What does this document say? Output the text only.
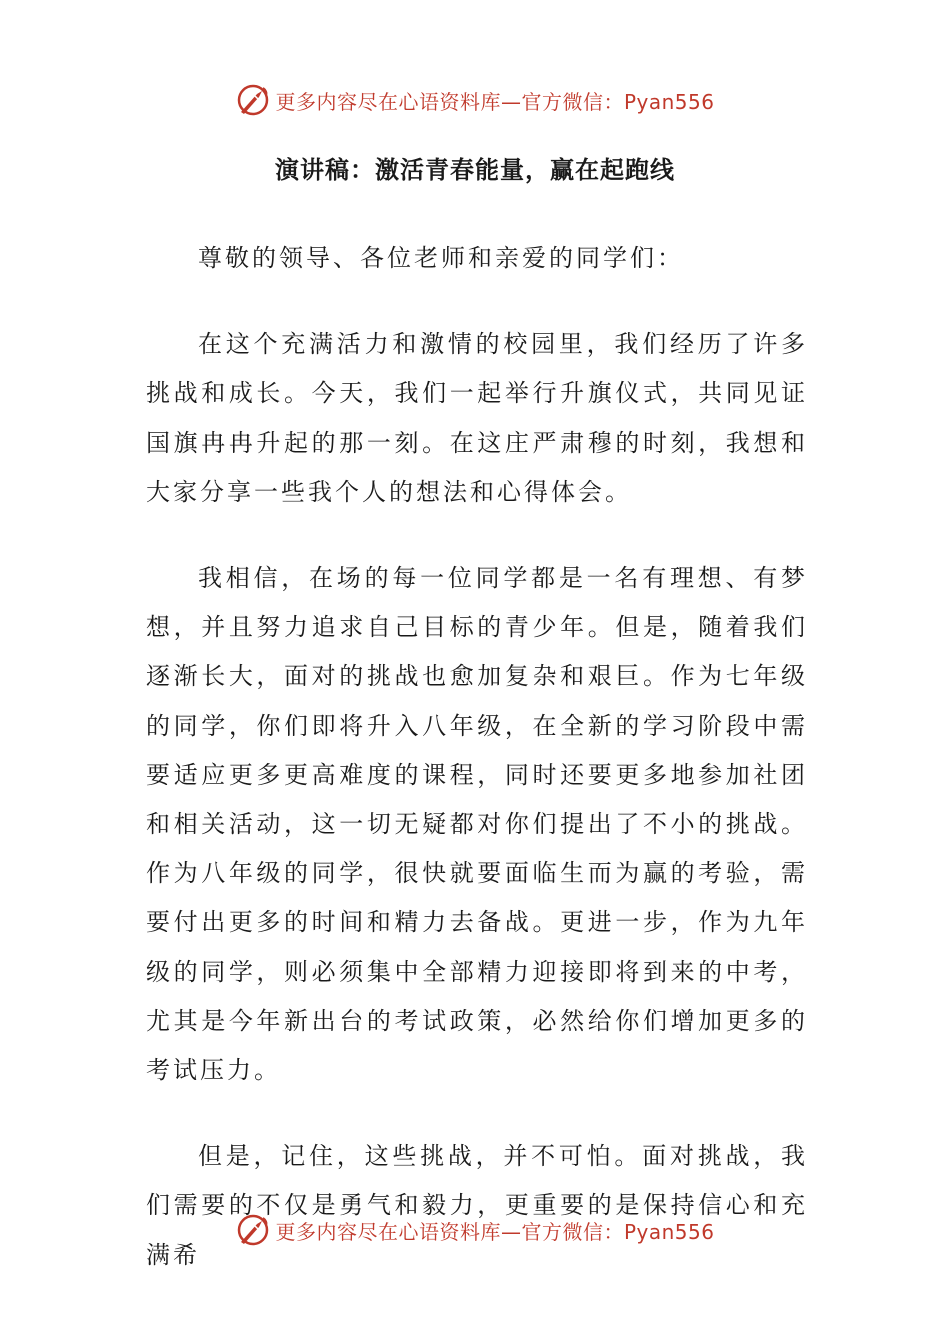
更多内容尽在心语资料库—官方微信：Pyan556
演讲稿：激活青春能量，赢在起跑线

尊敬的领导、各位老师和亲爱的同学们：

在这个充满活力和激情的校园里，我们经历了许多挑战和成长。今天，我们一起举行升旗仪式，共同见证国旗冉冉升起的那一刻。在这庄严肃穆的时刻，我想和大家分享一些我个人的想法和心得体会。

我相信，在场的每一位同学都是一名有理想、有梦想，并且努力追求自己目标的青少年。但是，随着我们逐渐长大，面对的挑战也愈加复杂和艰巨。作为七年级的同学，你们即将升入八年级，在全新的学习阶段中需要适应更多更高难度的课程，同时还要更多地参加社团和相关活动，这一切无疑都对你们提出了不小的挑战。作为八年级的同学，很快就要面临生而为赢的考验，需要付出更多的时间和精力去备战。更进一步，作为九年级的同学，则必须集中全部精力迎接即将到来的中考，尤其是今年新出台的考试政策，必然给你们增加更多的考试压力。

但是，记住，这些挑战，并不可怕。面对挑战，我们需要的不仅是勇气和毅力，更重要的是保持信心和充满希

更多内容尽在心语资料库—官方微信：Pyan556
